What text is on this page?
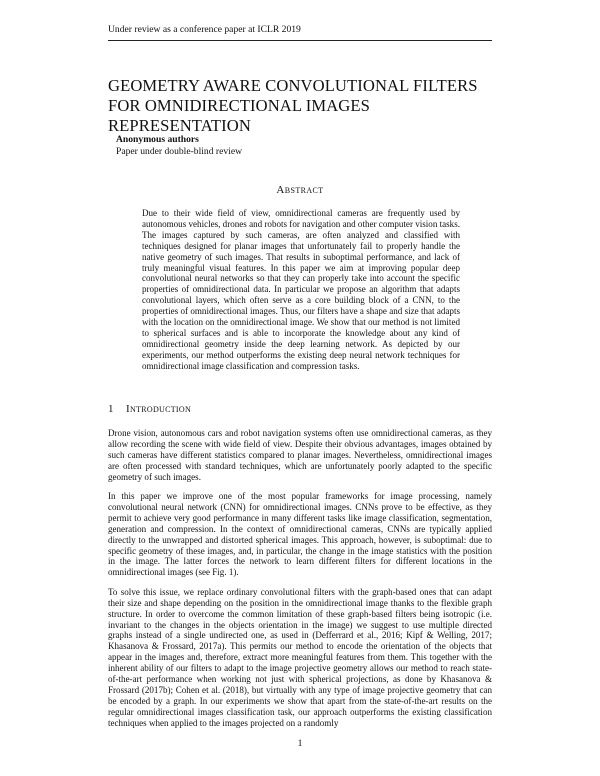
Under review as a conference paper at ICLR 2019
GEOMETRY AWARE CONVOLUTIONAL FILTERS FOR OMNIDIRECTIONAL IMAGES REPRESENTATION
Anonymous authors
Paper under double-blind review
Abstract

Due to their wide field of view, omnidirectional cameras are frequently used by autonomous vehicles, drones and robots for navigation and other computer vision tasks. The images captured by such cameras, are often analyzed and classified with techniques designed for planar images that unfortunately fail to properly handle the native geometry of such images. That results in suboptimal performance, and lack of truly meaningful visual features. In this paper we aim at improving popular deep convolutional neural networks so that they can properly take into account the specific properties of omnidirectional data. In particular we propose an algorithm that adapts convolutional layers, which often serve as a core building block of a CNN, to the properties of omnidirectional images. Thus, our filters have a shape and size that adapts with the location on the omnidirectional image. We show that our method is not limited to spherical surfaces and is able to incorporate the knowledge about any kind of omnidirectional geometry inside the deep learning network. As depicted by our experiments, our method outperforms the existing deep neural network techniques for omnidirectional image classification and compression tasks.

1 Introduction

Drone vision, autonomous cars and robot navigation systems often use omnidirectional cameras, as they allow recording the scene with wide field of view. Despite their obvious advantages, images obtained by such cameras have different statistics compared to planar images. Nevertheless, omnidirectional images are often processed with standard techniques, which are unfortunately poorly adapted to the specific geometry of such images.

In this paper we improve one of the most popular frameworks for image processing, namely convolutional neural network (CNN) for omnidirectional images. CNNs prove to be effective, as they permit to achieve very good performance in many different tasks like image classification, segmentation, generation and compression. In the context of omnidirectional cameras, CNNs are typically applied directly to the unwrapped and distorted spherical images. This approach, however, is suboptimal: due to specific geometry of these images, and, in particular, the change in the image statistics with the position in the image. The latter forces the network to learn different filters for different locations in the omnidirectional images (see Fig. 1).

To solve this issue, we replace ordinary convolutional filters with the graph-based ones that can adapt their size and shape depending on the position in the omnidirectional image thanks to the flexible graph structure. In order to overcome the common limitation of these graph-based filters being isotropic (i.e. invariant to the changes in the objects orientation in the image) we suggest to use multiple directed graphs instead of a single undirected one, as used in (Defferrard et al., 2016; Kipf & Welling, 2017; Khasanova & Frossard, 2017a). This permits our method to encode the orientation of the objects that appear in the images and, therefore, extract more meaningful features from them. This together with the inherent ability of our filters to adapt to the image projective geometry allows our method to reach state-of-the-art performance when working not just with spherical projections, as done by Khasanova & Frossard (2017b); Cohen et al. (2018), but virtually with any type of image projective geometry that can be encoded by a graph. In our experiments we show that apart from the state-of-the-art results on the regular omnidirectional images classification task, our approach outperforms the existing classification techniques when applied to the images projected on a randomly

1
